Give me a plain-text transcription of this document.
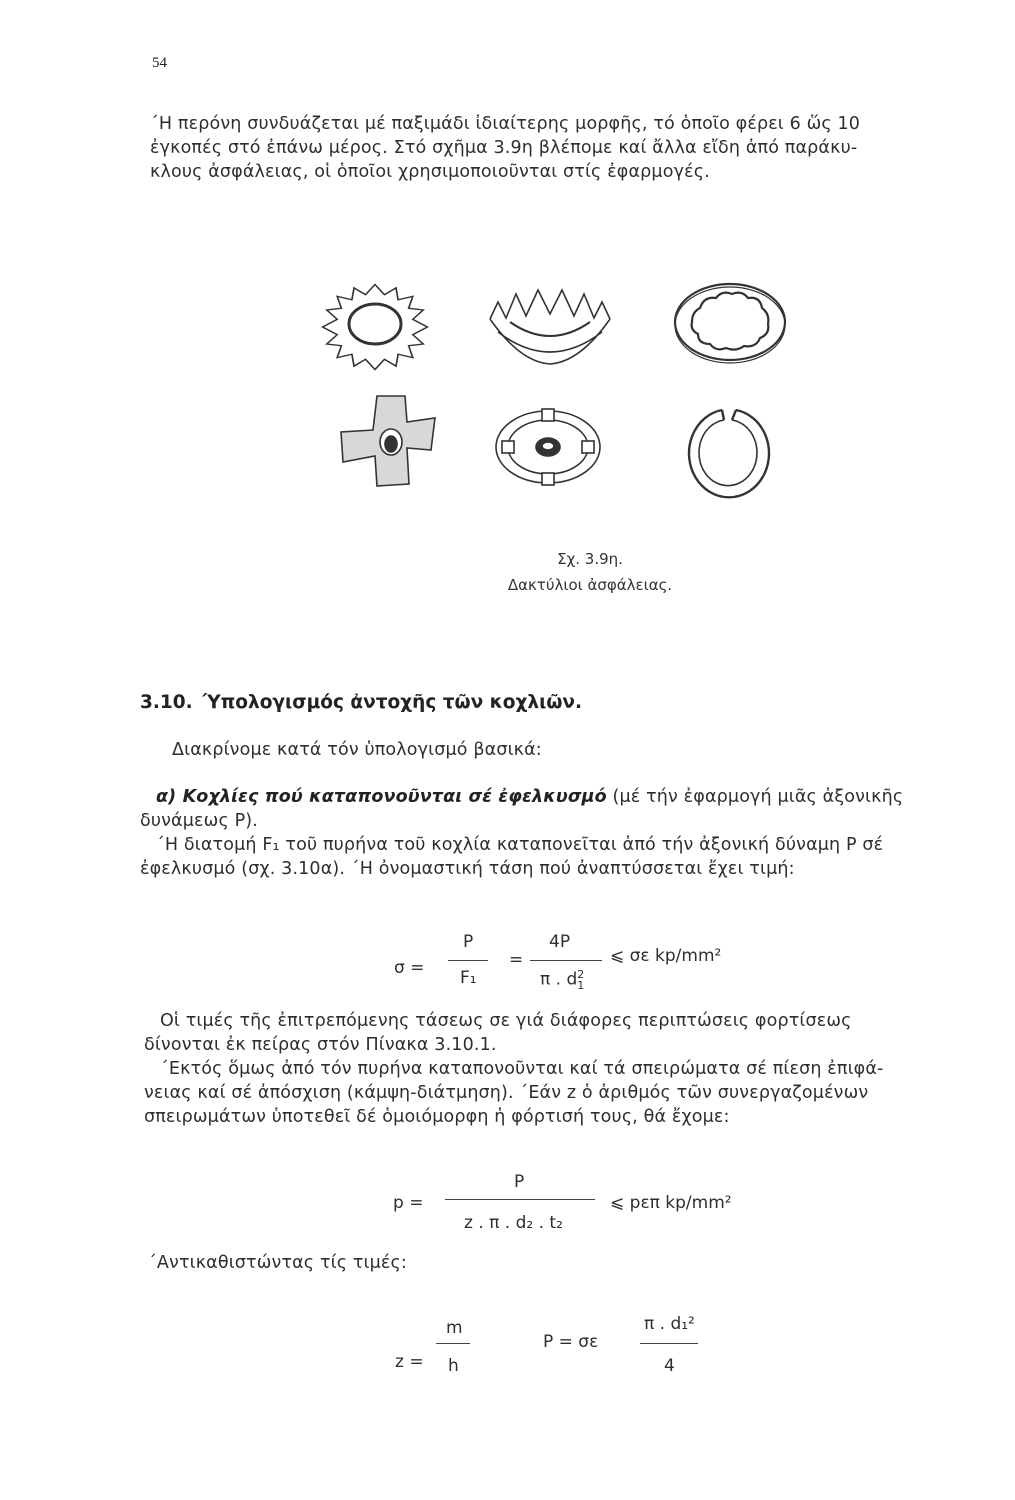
54
΄Η περόνη συνδυάζεται μέ παξιμάδι ἰδιαίτερης μορφῆς, τό ὁποῖο φέρει 6 ὥς 10
ἐγκοπές στό ἐπάνω μέρος. Στό σχῆμα 3.9η βλέπομε καί ἄλλα εἴδη ἀπό παράκυ-
κλους ἀσφάλειας, οἱ ὁποῖοι χρησιμοποιοῦνται στίς ἐφαρμογές.
Σχ. 3.9η.
Δακτύλιοι ἀσφάλειας.
3.10. ΄Υπολογισμός ἀντοχῆς τῶν κοχλιῶν.
Διακρίνομε κατά τόν ὑπολογισμό βασικά:
α) Κοχλίες πού καταπονοῦνται σέ ἐφελκυσμό (μέ τήν ἐφαρμογή μιᾶς ἀξονικῆς
δυνάμεως P).
΄Η διατομή F₁ τοῦ πυρήνα τοῦ κοχλία καταπονεῖται ἀπό τήν ἀξονική δύναμη P σέ
ἐφελκυσμό (σχ. 3.10α). ΄Η ὀνομαστική τάση πού ἀναπτύσσεται ἔχει τιμή:
σ =
P
F₁
=
4P
π . $d^2_1$
⩽ σε kp/mm²
Οἱ τιμές τῆς ἐπιτρεπόμενης τάσεως σε γιά διάφορες περιπτώσεις φορτίσεως
δίνονται ἐκ πείρας στόν Πίνακα 3.10.1.
΄Εκτός ὅμως ἀπό τόν πυρήνα καταπονοῦνται καί τά σπειρώματα σέ πίεση ἐπιφά-
νειας καί σέ ἀπόσχιση (κάμψη-διάτμηση). ΄Εάν z ὁ ἀριθμός τῶν συνεργαζομένων
σπειρωμάτων ὑποτεθεῖ δέ ὁμοιόμορφη ἡ φόρτισή τους, θά ἔχομε:
p =
P
z . π . d₂ . t₂
⩽ pεπ kp/mm²
΄Αντικαθιστώντας τίς τιμές:
z =
m
h
P = σε
π . d₁²
4
